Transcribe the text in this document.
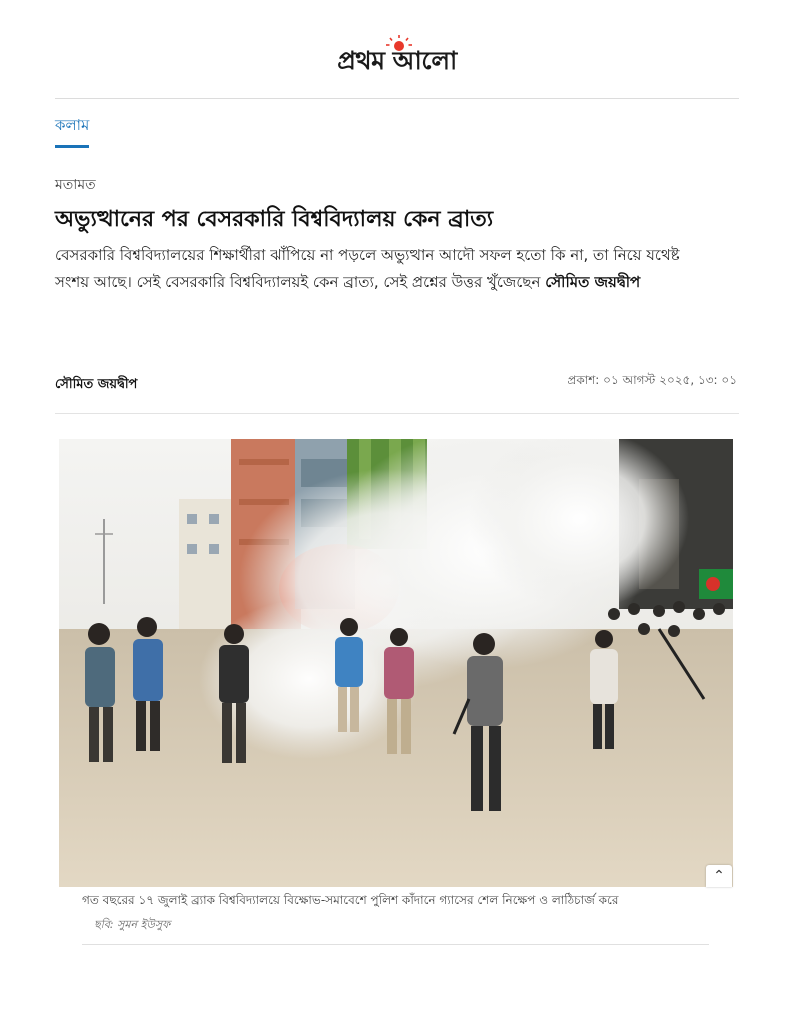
প্রথম আলো
কলাম
মতামত
অভ্যুত্থানের পর বেসরকারি বিশ্ববিদ্যালয় কেন ব্রাত্য

বেসরকারি বিশ্ববিদ্যালয়ের শিক্ষার্থীরা ঝাঁপিয়ে না পড়লে অভ্যুত্থান আদৌ সফল হতো কি না, তা নিয়ে যথেষ্ট সংশয় আছে। সেই বেসরকারি বিশ্ববিদ্যালয়ই কেন ব্রাত্য, সেই প্রশ্নের উত্তর খুঁজেছেন সৌমিত জয়দ্বীপ

সৌমিত জয়দ্বীপ	প্রকাশ: ০১ আগস্ট ২০২৫, ১৩: ০১
⌃
গত বছরের ১৭ জুলাই ব্র্যাক বিশ্ববিদ্যালয়ে বিক্ষোভ-সমাবেশে পুলিশ কাঁদানে গ্যাসের শেল নিক্ষেপ ও লাঠিচার্জ করে
ছবি: সুমন ইউসুফ
